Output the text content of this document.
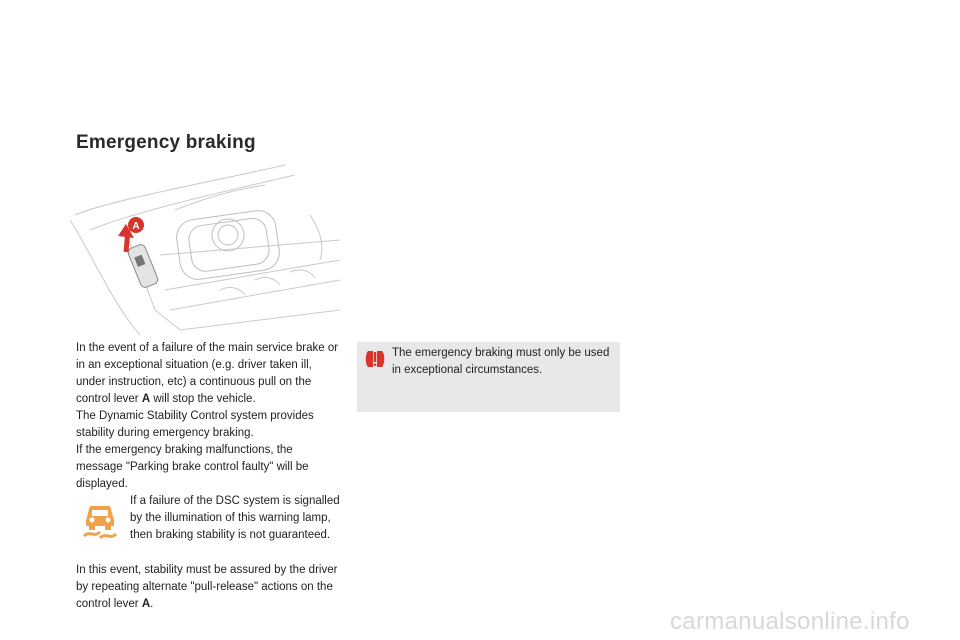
Emergency braking
A
In the event of a failure of the main service brake or in an exceptional situation (e.g. driver taken ill, under instruction, etc) a continuous pull on the control lever A will stop the vehicle.
The Dynamic Stability Control system provides stability during emergency braking.
If the emergency braking malfunctions, the message "Parking brake control faulty" will be displayed.
If a failure of the DSC system is signalled by the illumination of this warning lamp, then braking stability is not guaranteed.
In this event, stability must be assured by the driver by repeating alternate "pull-release" actions on the control lever A.
The emergency braking must only be used in exceptional circumstances.
carmanualsonline.info
